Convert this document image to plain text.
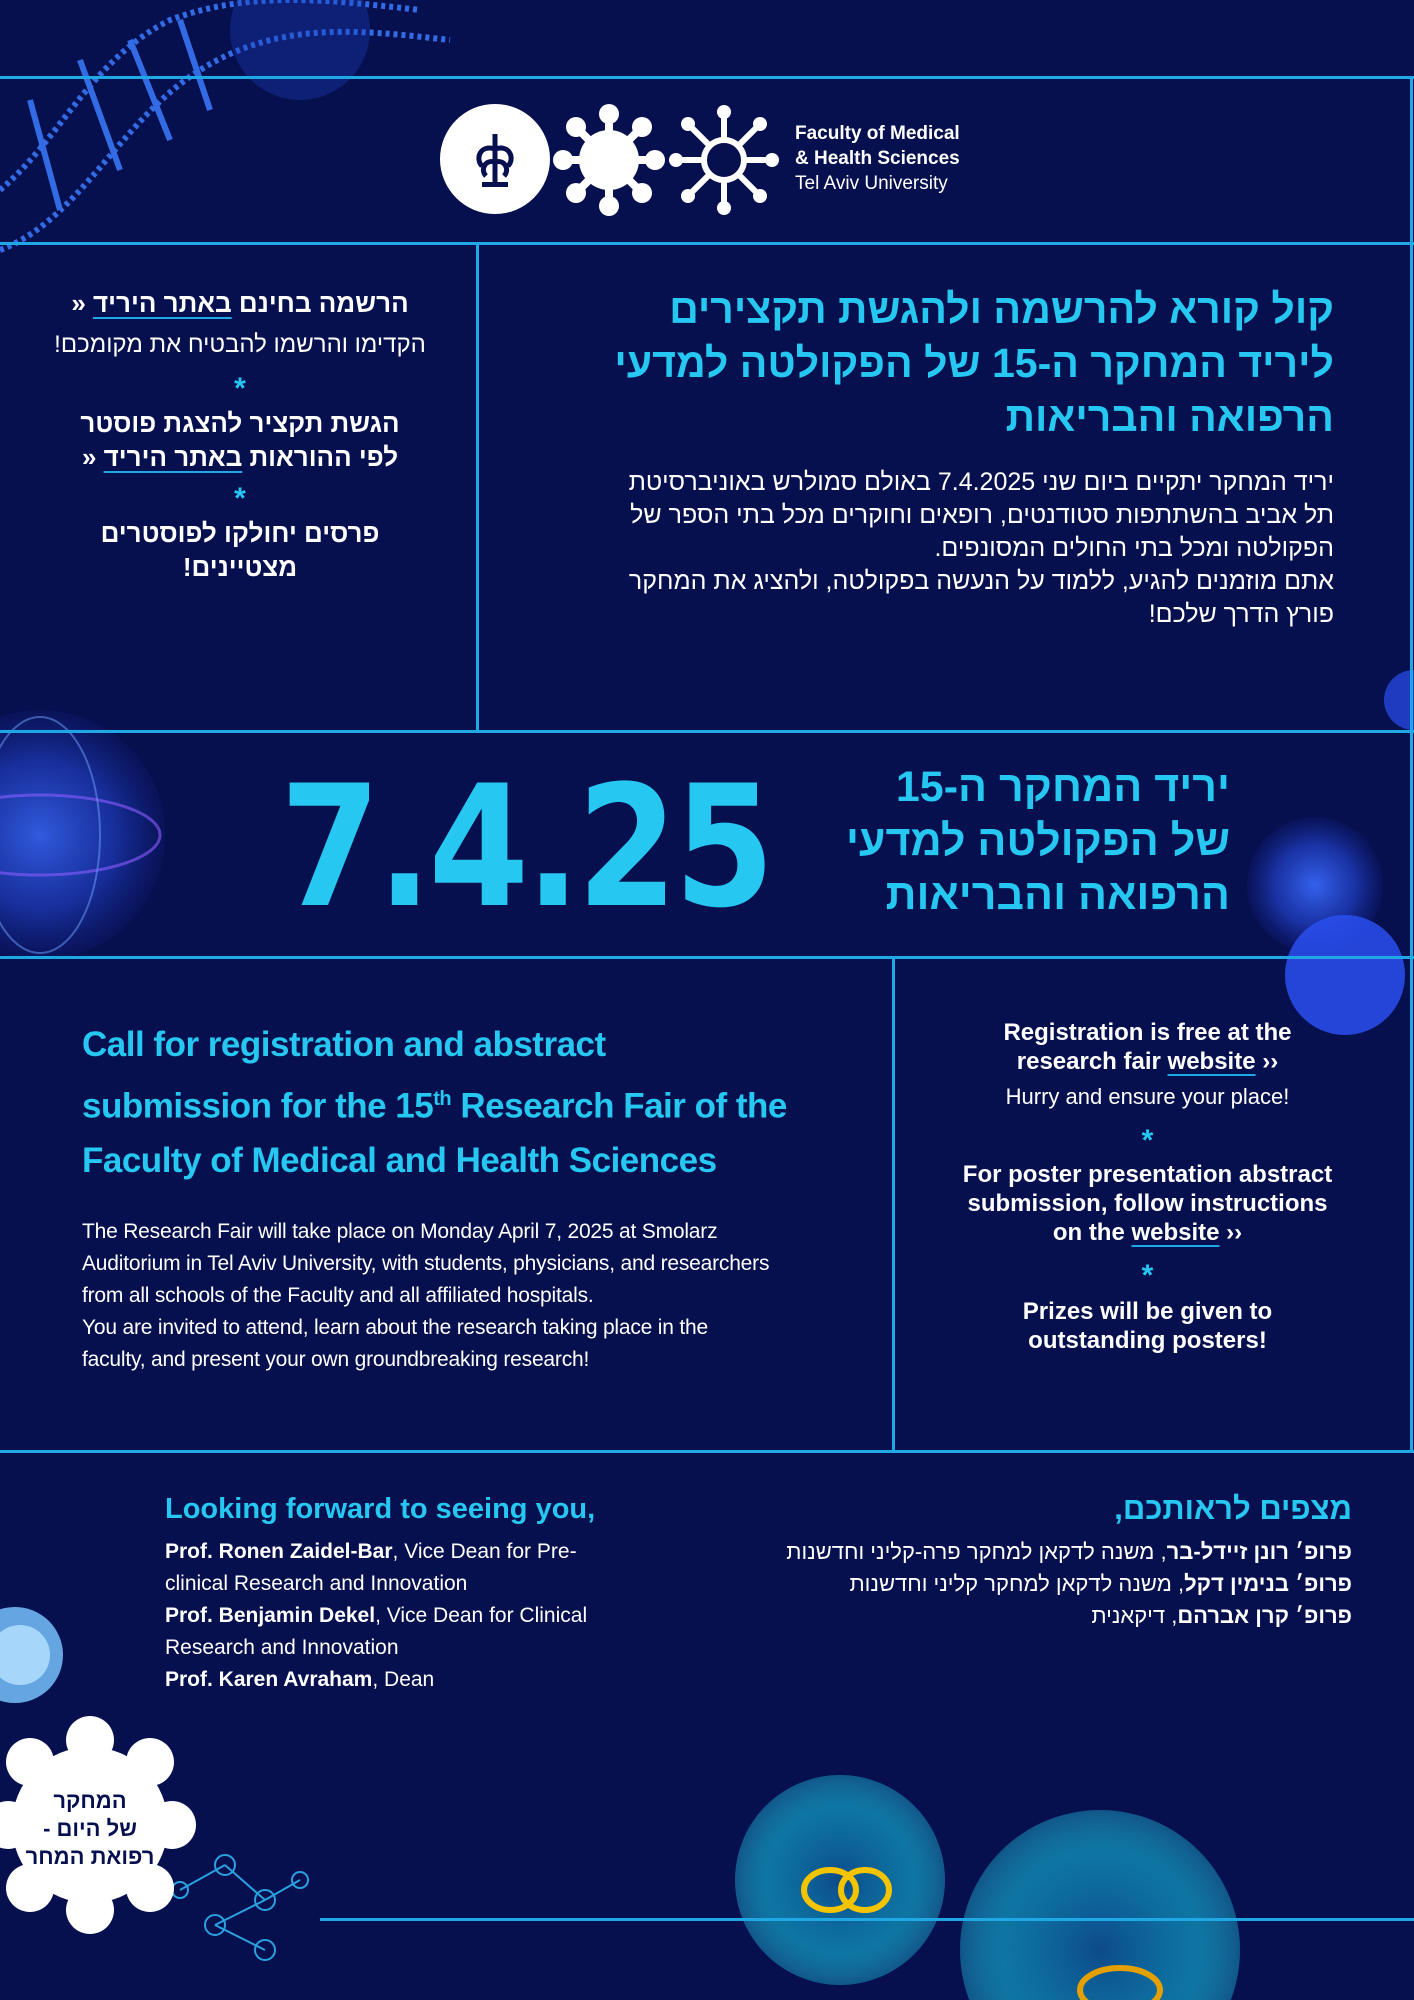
Faculty of Medical
& Health Sciences
Tel Aviv University
קול קורא להרשמה ולהגשת תקצירים
ליריד המחקר ה-15 של הפקולטה למדעי
הרפואה והבריאות
יריד המחקר יתקיים ביום שני 7.4.2025 באולם סמולרש באוניברסיטת
תל אביב בהשתתפות סטודנטים, רופאים וחוקרים מכל בתי הספר של
הפקולטה ומכל בתי החולים המסונפים.
אתם מוזמנים להגיע, ללמוד על הנעשה בפקולטה, ולהציג את המחקר
פורץ הדרך שלכם!
הרשמה בחינם באתר היריד «
הקדימו והרשמו להבטיח את מקומכם!
*
הגשת תקציר להצגת פוסטר
לפי ההוראות באתר היריד «
*
פרסים יחולקו לפוסטרים
מצטיינים!
7.4.25	יריד המחקר ה-15
של הפקולטה למדעי
הרפואה והבריאות
Call for registration and abstract
submission for the 15th Research Fair of the
Faculty of Medical and Health Sciences
The Research Fair will take place on Monday April 7, 2025 at Smolarz
Auditorium in Tel Aviv University, with students, physicians, and researchers
from all schools of the Faculty and all affiliated hospitals.
You are invited to attend, learn about the research taking place in the
faculty, and present your own groundbreaking research!
Registration is free at the
research fair website ››
Hurry and ensure your place!
*
For poster presentation abstract
submission, follow instructions
on the website ››
*
Prizes will be given to
outstanding posters!
Looking forward to seeing you,
Prof. Ronen Zaidel-Bar, Vice Dean for Pre-
clinical Research and Innovation
Prof. Benjamin Dekel, Vice Dean for Clinical
Research and Innovation
Prof. Karen Avraham, Dean
מצפים לראותכם,
פרופ׳ רונן זיידל-בר, משנה לדקאן למחקר פרה-קליני וחדשנות
פרופ׳ בנימין דקל, משנה לדקאן למחקר קליני וחדשנות
פרופ׳ קרן אברהם, דיקאנית
המחקר
של היום -
רפואת המחר
